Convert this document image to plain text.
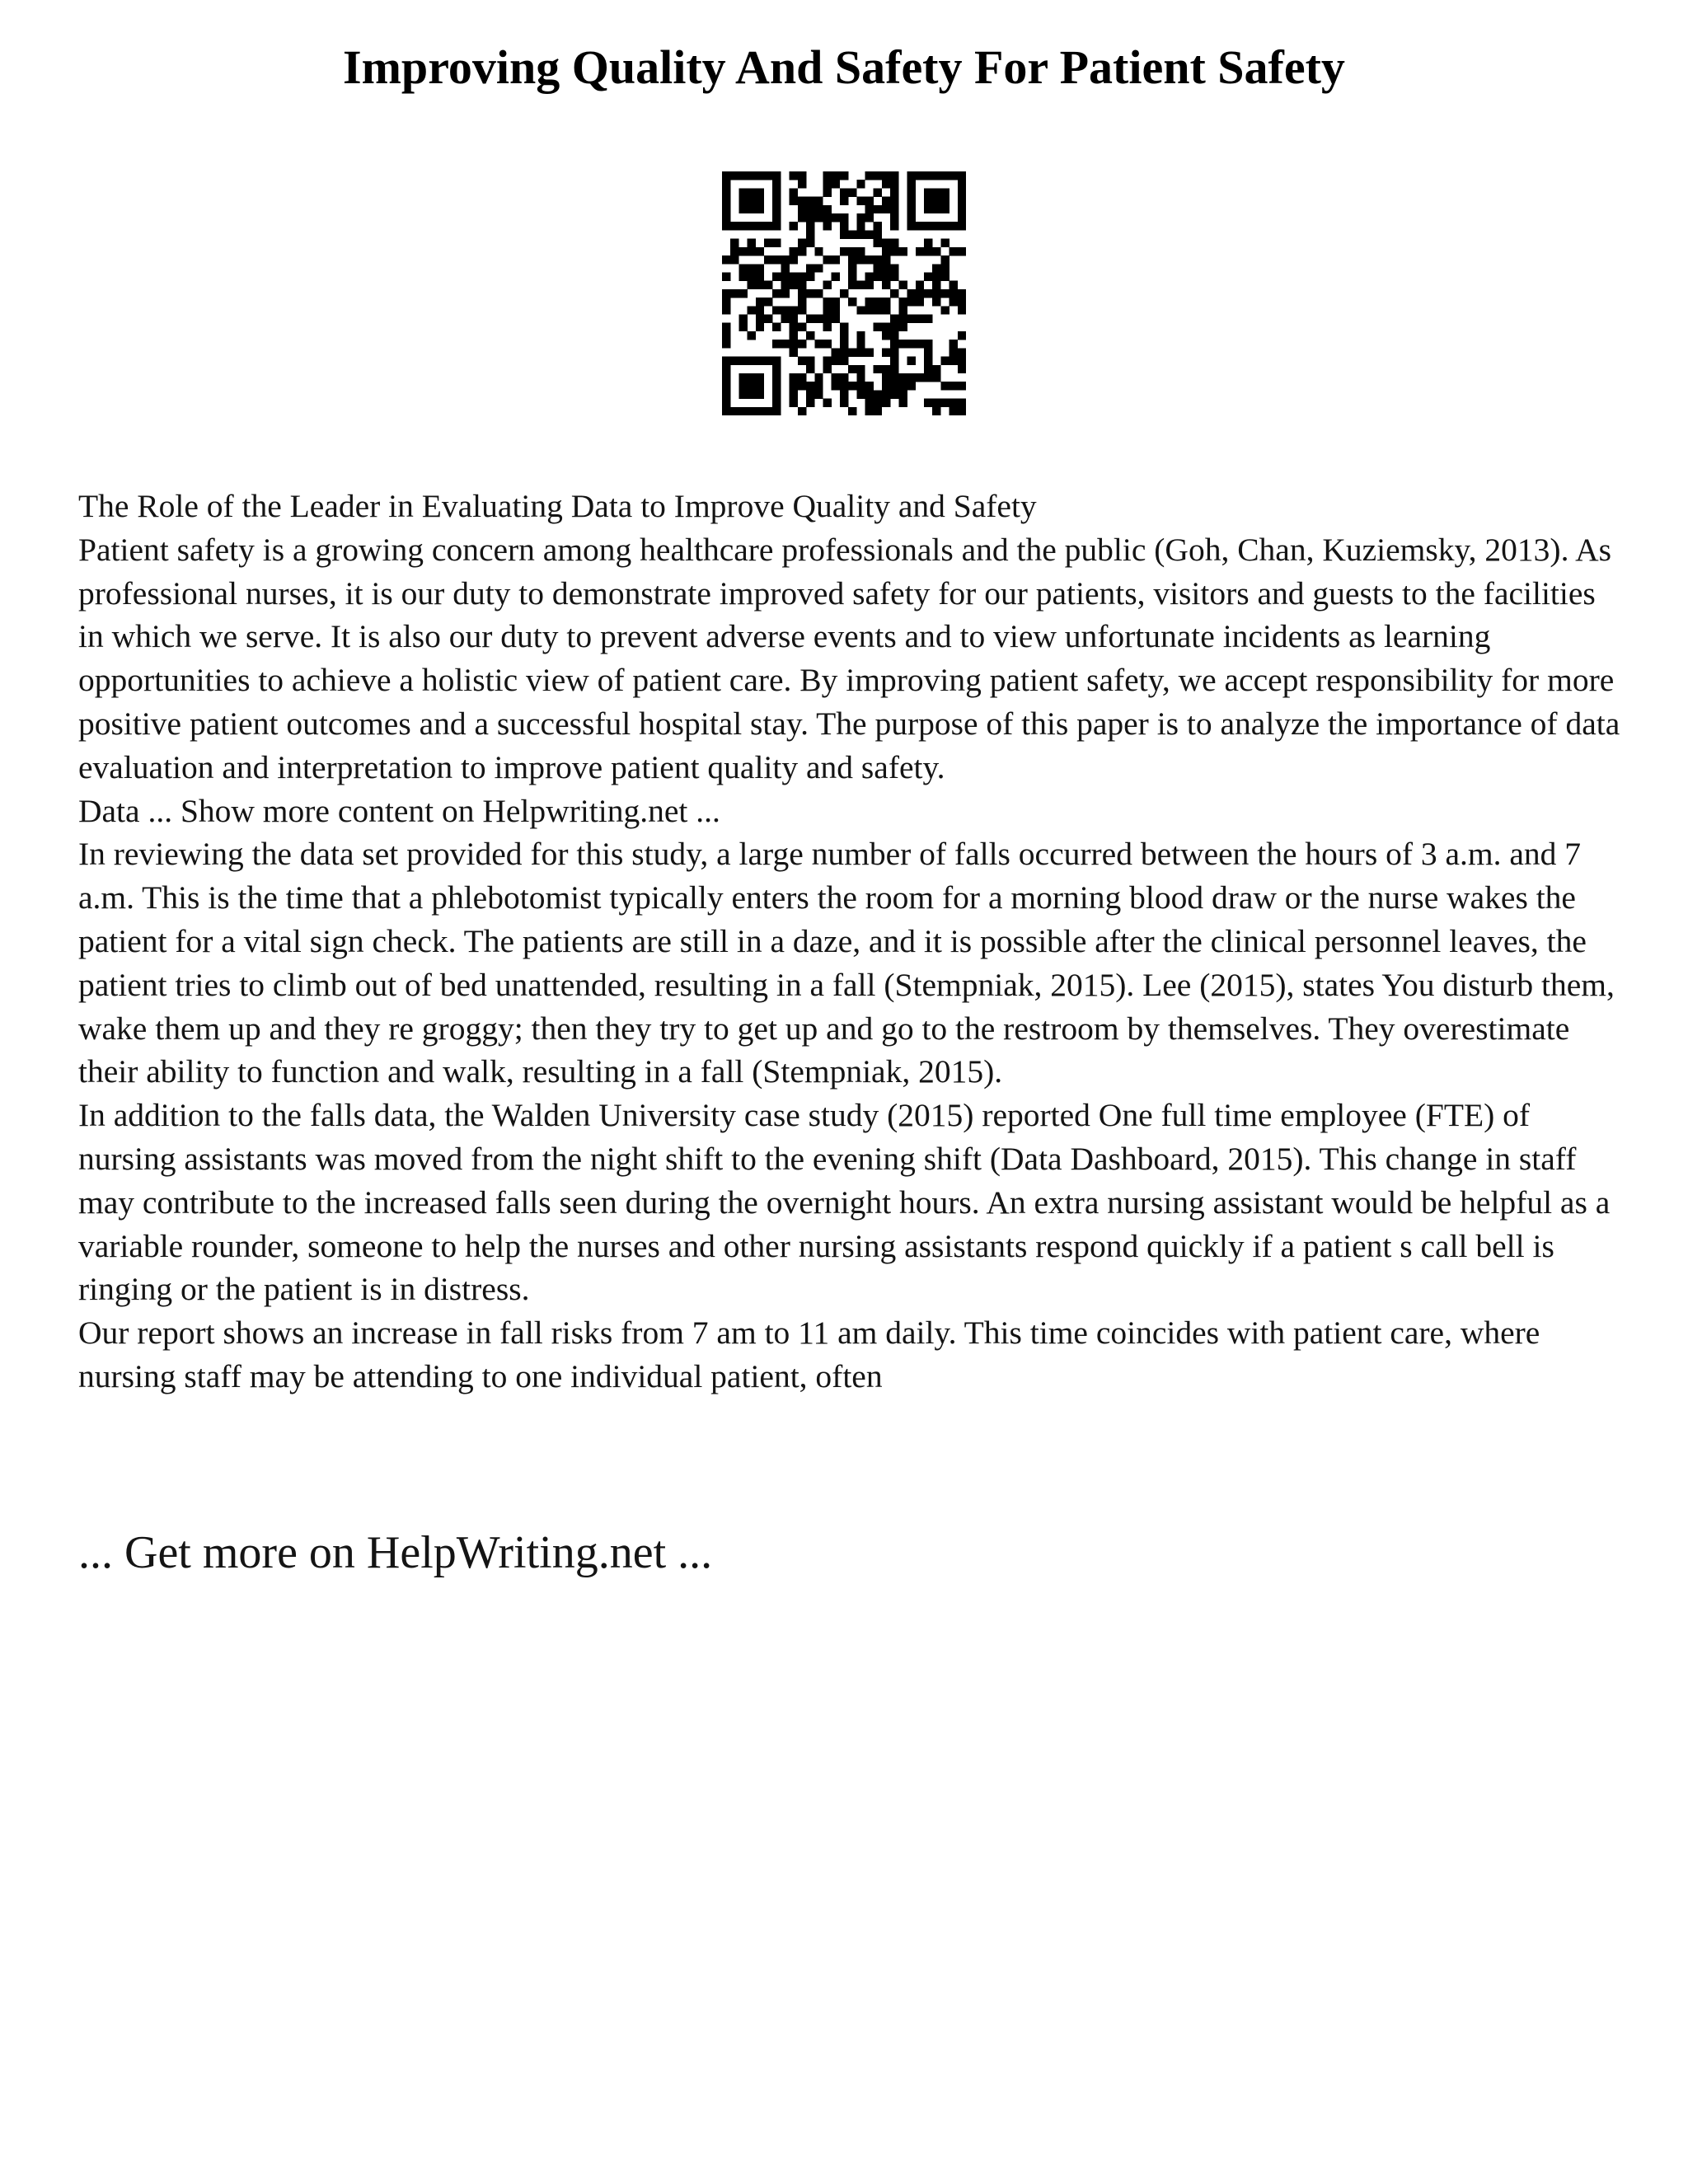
Improving Quality And Safety For Patient Safety

The Role of the Leader in Evaluating Data to Improve Quality and Safety

Patient safety is a growing concern among healthcare professionals and the public (Goh, Chan, Kuziemsky, 2013). As professional nurses, it is our duty to demonstrate improved safety for our patients, visitors and guests to the facilities in which we serve. It is also our duty to prevent adverse events and to view unfortunate incidents as learning opportunities to achieve a holistic view of patient care. By improving patient safety, we accept responsibility for more positive patient outcomes and a successful hospital stay. The purpose of this paper is to analyze the importance of data evaluation and interpretation to improve patient quality and safety.

Data ... Show more content on Helpwriting.net ...

In reviewing the data set provided for this study, a large number of falls occurred between the hours of 3 a.m. and 7 a.m. This is the time that a phlebotomist typically enters the room for a morning blood draw or the nurse wakes the patient for a vital sign check. The patients are still in a daze, and it is possible after the clinical personnel leaves, the patient tries to climb out of bed unattended, resulting in a fall (Stempniak, 2015). Lee (2015), states You disturb them, wake them up and they re groggy; then they try to get up and go to the restroom by themselves. They overestimate their ability to function and walk, resulting in a fall (Stempniak, 2015).

In addition to the falls data, the Walden University case study (2015) reported One full time employee (FTE) of nursing assistants was moved from the night shift to the evening shift (Data Dashboard, 2015). This change in staff may contribute to the increased falls seen during the overnight hours. An extra nursing assistant would be helpful as a variable rounder, someone to help the nurses and other nursing assistants respond quickly if a patient s call bell is ringing or the patient is in distress.

Our report shows an increase in fall risks from 7 am to 11 am daily. This time coincides with patient care, where nursing staff may be attending to one individual patient, often

... Get more on HelpWriting.net ...
